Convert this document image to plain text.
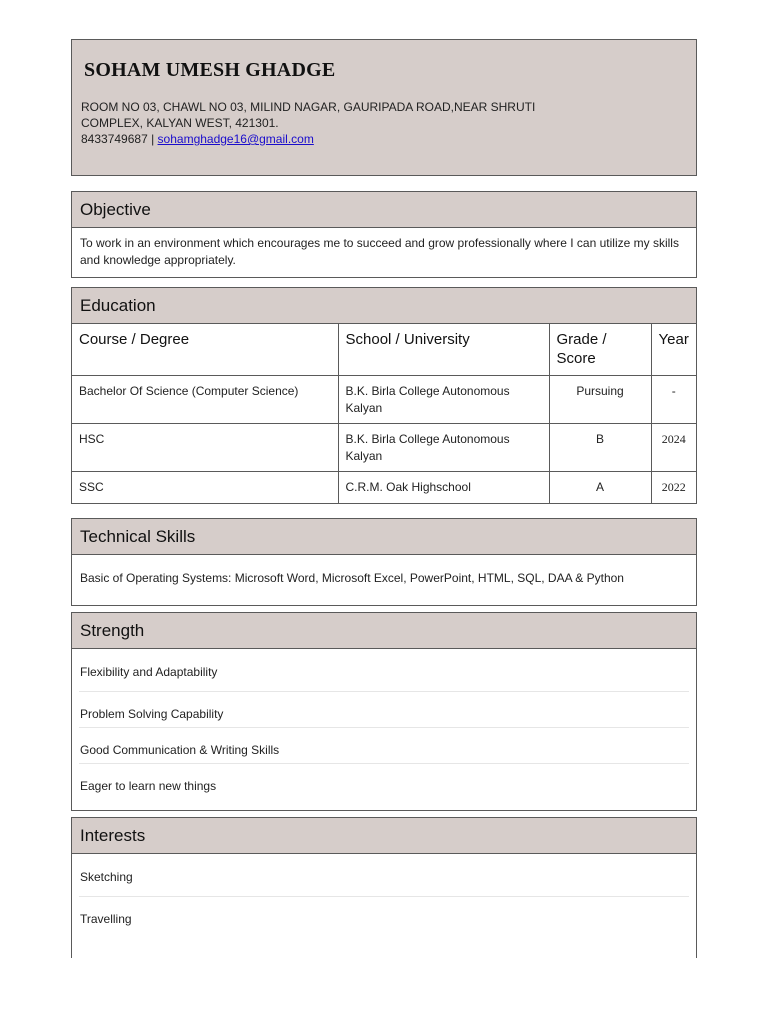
SOHAM UMESH GHADGE
ROOM NO 03, CHAWL NO 03, MILIND NAGAR, GAURIPADA ROAD,NEAR SHRUTI COMPLEX, KALYAN WEST, 421301.
8433749687 | sohamghadge16@gmail.com
Objective
To work in an environment which encourages me to succeed and grow professionally where I can utilize my skills and knowledge appropriately.
Education
Course / Degree	School / University	Grade / Score	Year
Bachelor Of Science (Computer Science)	B.K. Birla College Autonomous Kalyan	Pursuing	-
HSC	B.K. Birla College Autonomous Kalyan	B	2024
SSC	C.R.M. Oak Highschool	A	2022
Technical Skills
Basic of Operating Systems: Microsoft Word, Microsoft Excel, PowerPoint, HTML, SQL, DAA & Python
Strength
Flexibility and Adaptability
Problem Solving Capability
Good Communication & Writing Skills
Eager to learn new things
Interests
Sketching
Travelling
